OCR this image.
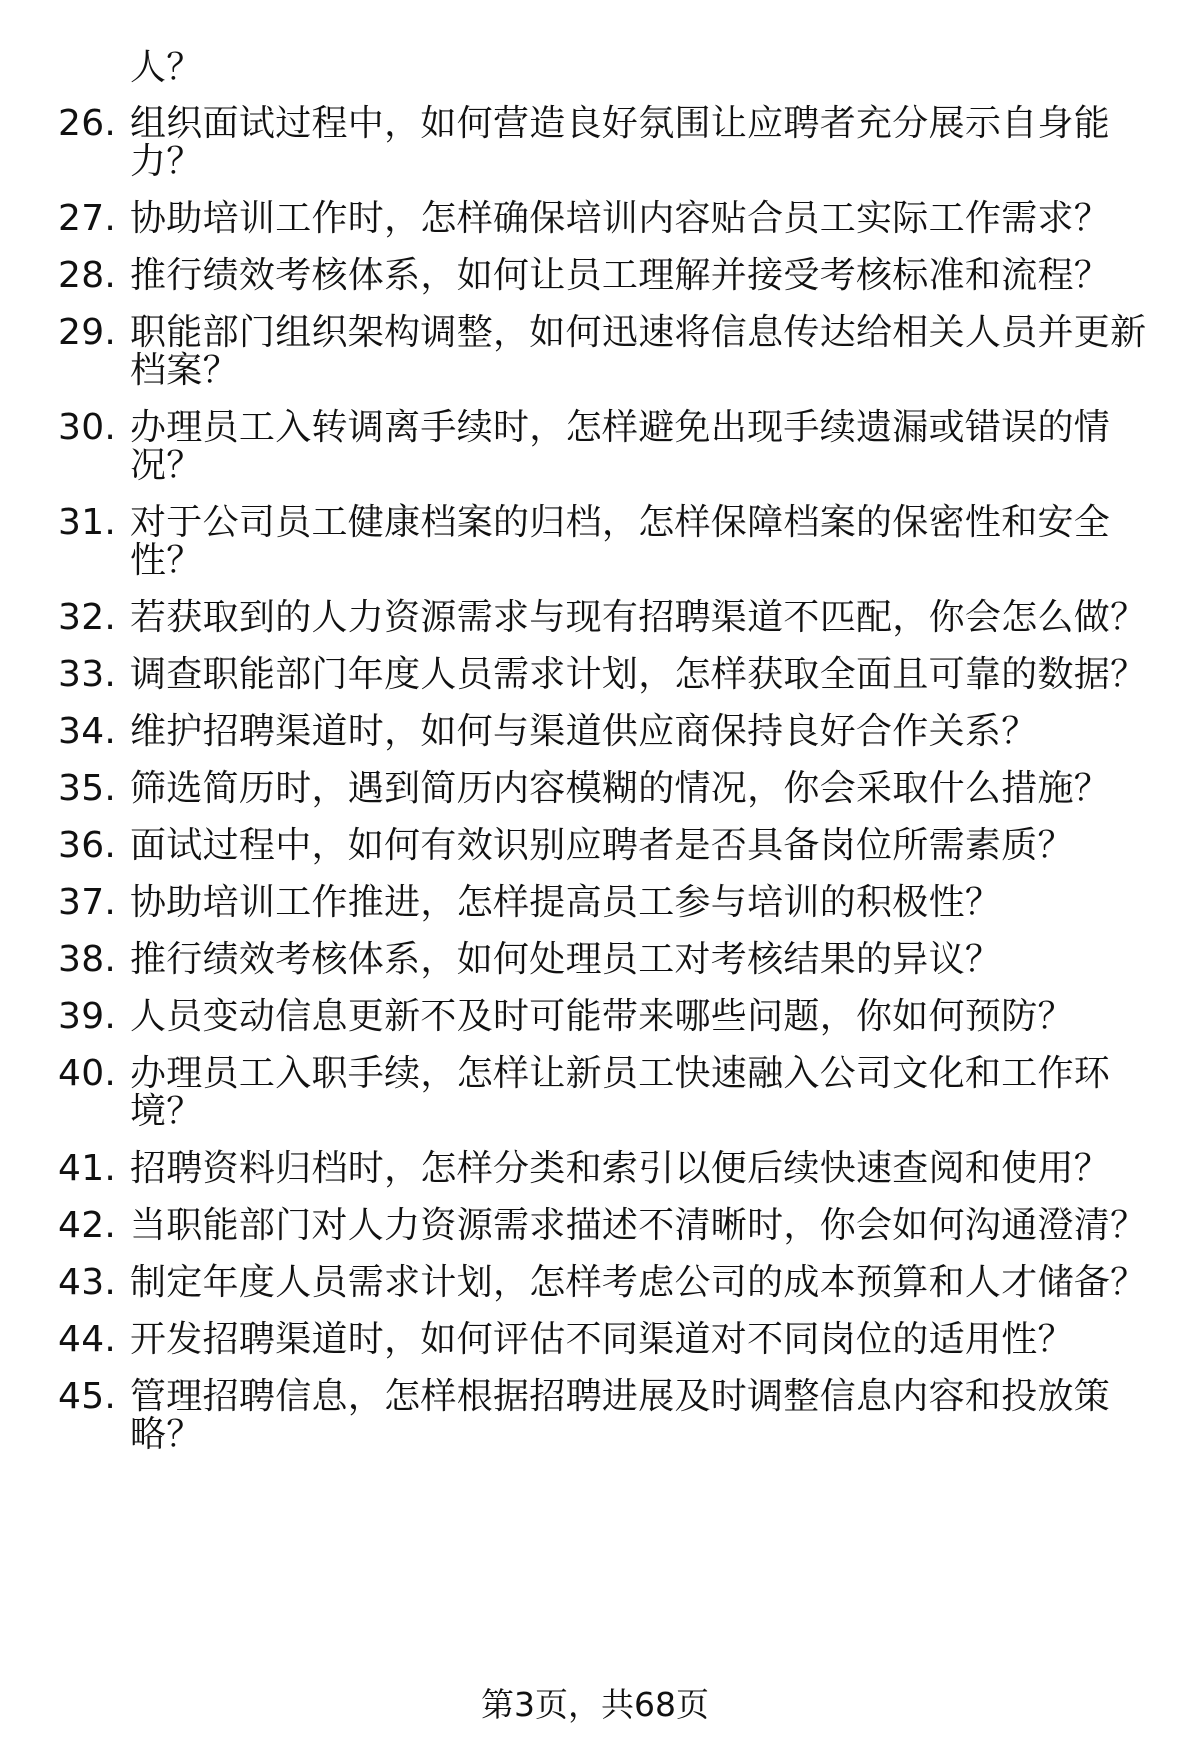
人？
26. 组织面试过程中，如何营造良好氛围让应聘者充分展示自身能
力？
27. 协助培训工作时，怎样确保培训内容贴合员工实际工作需求？
28. 推行绩效考核体系，如何让员工理解并接受考核标准和流程？
29. 职能部门组织架构调整，如何迅速将信息传达给相关人员并更新
档案？
30. 办理员工入转调离手续时，怎样避免出现手续遗漏或错误的情
况？
31. 对于公司员工健康档案的归档，怎样保障档案的保密性和安全
性？
32. 若获取到的人力资源需求与现有招聘渠道不匹配，你会怎么做？
33. 调查职能部门年度人员需求计划，怎样获取全面且可靠的数据？
34. 维护招聘渠道时，如何与渠道供应商保持良好合作关系？
35. 筛选简历时，遇到简历内容模糊的情况，你会采取什么措施？
36. 面试过程中，如何有效识别应聘者是否具备岗位所需素质？
37. 协助培训工作推进，怎样提高员工参与培训的积极性？
38. 推行绩效考核体系，如何处理员工对考核结果的异议？
39. 人员变动信息更新不及时可能带来哪些问题，你如何预防？
40. 办理员工入职手续，怎样让新员工快速融入公司文化和工作环
境？
41. 招聘资料归档时，怎样分类和索引以便后续快速查阅和使用？
42. 当职能部门对人力资源需求描述不清晰时，你会如何沟通澄清？
43. 制定年度人员需求计划，怎样考虑公司的成本预算和人才储备？
44. 开发招聘渠道时，如何评估不同渠道对不同岗位的适用性？
45. 管理招聘信息，怎样根据招聘进展及时调整信息内容和投放策
略？
第3页，共68页
